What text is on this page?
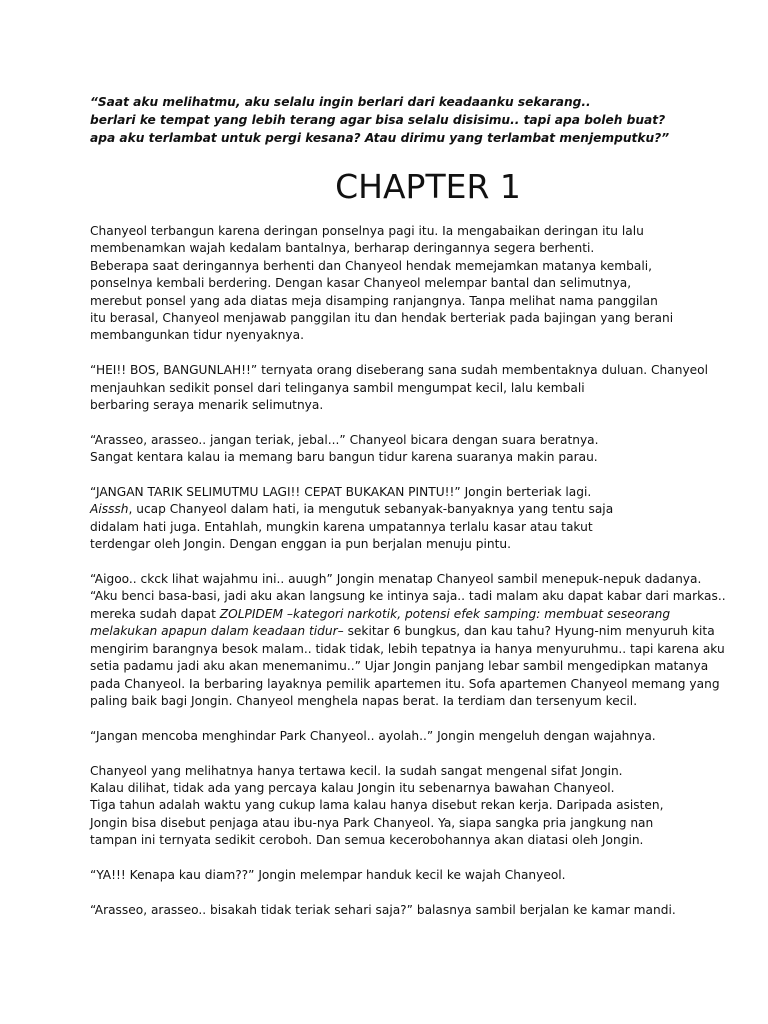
“Saat aku melihatmu, aku selalu ingin berlari dari keadaanku sekarang..
berlari ke tempat yang lebih terang agar bisa selalu disisimu.. tapi apa boleh buat?
apa aku terlambat untuk pergi kesana? Atau dirimu yang terlambat menjemputku?”
CHAPTER 1

Chanyeol terbangun karena deringan ponselnya pagi itu. Ia mengabaikan deringan itu lalu
membenamkan wajah kedalam bantalnya, berharap deringannya segera berhenti.
Beberapa saat deringannya berhenti dan Chanyeol hendak memejamkan matanya kembali,
ponselnya kembali berdering. Dengan kasar Chanyeol melempar bantal dan selimutnya,
merebut ponsel yang ada diatas meja disamping ranjangnya. Tanpa melihat nama panggilan
itu berasal, Chanyeol menjawab panggilan itu dan hendak berteriak pada bajingan yang berani
membangunkan tidur nyenyaknya.

“HEI!! BOS, BANGUNLAH!!” ternyata orang diseberang sana sudah membentaknya duluan. Chanyeol
menjauhkan sedikit ponsel dari telinganya sambil mengumpat kecil, lalu kembali
berbaring seraya menarik selimutnya.

“Arasseo, arasseo.. jangan teriak, jebal...” Chanyeol bicara dengan suara beratnya.
Sangat kentara kalau ia memang baru bangun tidur karena suaranya makin parau.

“JANGAN TARIK SELIMUTMU LAGI!! CEPAT BUKAKAN PINTU!!” Jongin berteriak lagi.
Aisssh, ucap Chanyeol dalam hati, ia mengutuk sebanyak-banyaknya yang tentu saja
didalam hati juga. Entahlah, mungkin karena umpatannya terlalu kasar atau takut
terdengar oleh Jongin. Dengan enggan ia pun berjalan menuju pintu.

“Aigoo.. ckck lihat wajahmu ini.. auugh” Jongin menatap Chanyeol sambil menepuk-nepuk dadanya.
“Aku benci basa-basi, jadi aku akan langsung ke intinya saja.. tadi malam aku dapat kabar dari markas..
mereka sudah dapat ZOLPIDEM –kategori narkotik, potensi efek samping: membuat seseorang
melakukan apapun dalam keadaan tidur– sekitar 6 bungkus, dan kau tahu? Hyung-nim menyuruh kita
mengirim barangnya besok malam.. tidak tidak, lebih tepatnya ia hanya menyuruhmu.. tapi karena aku
setia padamu jadi aku akan menemanimu..” Ujar Jongin panjang lebar sambil mengedipkan matanya
pada Chanyeol. Ia berbaring layaknya pemilik apartemen itu. Sofa apartemen Chanyeol memang yang
paling baik bagi Jongin. Chanyeol menghela napas berat. Ia terdiam dan tersenyum kecil.

“Jangan mencoba menghindar Park Chanyeol.. ayolah..” Jongin mengeluh dengan wajahnya.

Chanyeol yang melihatnya hanya tertawa kecil. Ia sudah sangat mengenal sifat Jongin.
Kalau dilihat, tidak ada yang percaya kalau Jongin itu sebenarnya bawahan Chanyeol.
Tiga tahun adalah waktu yang cukup lama kalau hanya disebut rekan kerja. Daripada asisten,
Jongin bisa disebut penjaga atau ibu-nya Park Chanyeol. Ya, siapa sangka pria jangkung nan
tampan ini ternyata sedikit ceroboh. Dan semua kecerobohannya akan diatasi oleh Jongin.

“YA!!! Kenapa kau diam??” Jongin melempar handuk kecil ke wajah Chanyeol.

“Arasseo, arasseo.. bisakah tidak teriak sehari saja?” balasnya sambil berjalan ke kamar mandi.
